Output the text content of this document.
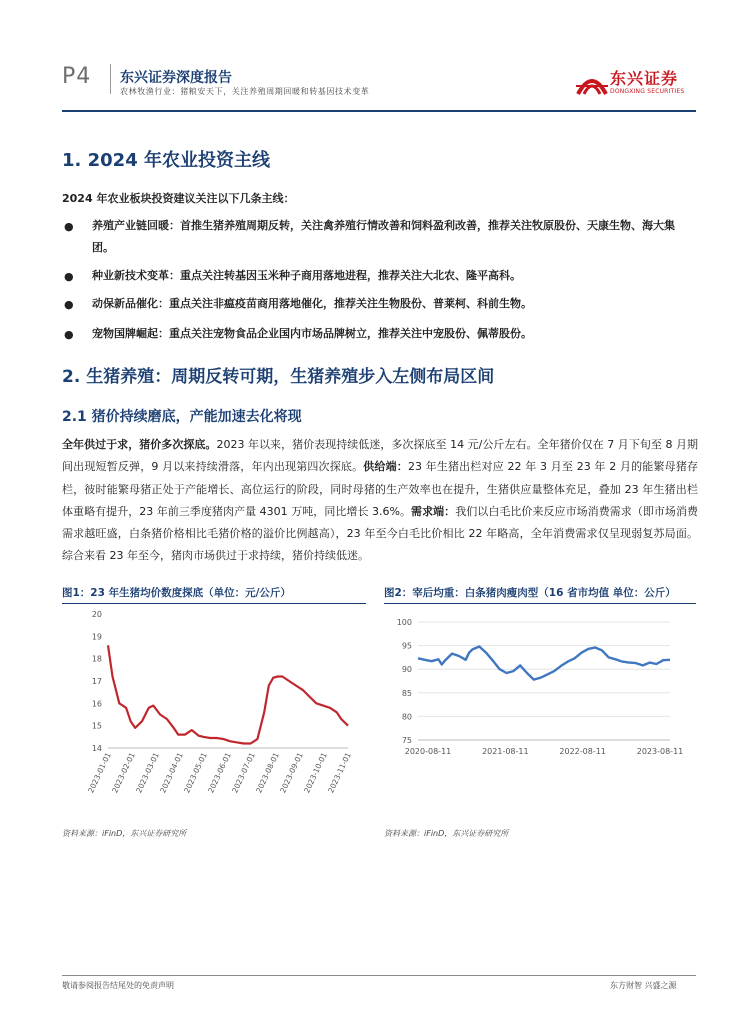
P4 东兴证券深度报告
农林牧渔行业：猪粮安天下，关注养殖周期回暖和转基因技术变革
东兴证券
DONGXING SECURITIES
1. 2024 年农业投资主线
2024 年农业板块投资建议关注以下几条主线：
● 养殖产业链回暖：首推生猪养殖周期反转，关注禽养殖行情改善和饲料盈利改善，推荐关注牧原股份、天康生物、海大集团。
● 种业新技术变革：重点关注转基因玉米种子商用落地进程，推荐关注大北农、隆平高科。
● 动保新品催化：重点关注非瘟疫苗商用落地催化，推荐关注生物股份、普莱柯、科前生物。
● 宠物国牌崛起：重点关注宠物食品企业国内市场品牌树立，推荐关注中宠股份、佩蒂股份。
2. 生猪养殖：周期反转可期，生猪养殖步入左侧布局区间
2.1 猪价持续磨底，产能加速去化将现
全年供过于求，猪价多次探底。2023 年以来，猪价表现持续低迷，多次探底至 14 元/公斤左右。全年猪价仅在 7 月下旬至 8 月期间出现短暂反弹，9 月以来持续滑落，年内出现第四次探底。供给端：23 年生猪出栏对应 22 年 3 月至 23 年 2 月的能繁母猪存栏，彼时能繁母猪正处于产能增长、高位运行的阶段，同时母猪的生产效率也在提升，生猪供应量整体充足，叠加 23 年生猪出栏体重略有提升，23 年前三季度猪肉产量 4301 万吨，同比增长 3.6%。需求端：我们以白毛比价来反应市场消费需求（即市场消费需求越旺盛，白条猪价格相比毛猪价格的溢价比例越高），23 年至今白毛比价相比 22 年略高，全年消费需求仅呈现弱复苏局面。综合来看 23 年至今，猪肉市场供过于求持续，猪价持续低迷。
图1：23 年生猪均价数度探底（单位：元/公斤）	图2：宰后均重：白条猪肉瘦肉型（16 省市均值 单位：公斤）
20
19
18
17
16
15
14
2023-01-01
2023-02-01
2023-03-01
2023-04-01
2023-05-01
2023-06-01
2023-07-01
2023-08-01
2023-09-01
2023-10-01
2023-11-01
100
95
90
85
80
75
2020-08-11	2021-08-11	2022-08-11	2023-08-11
资料来源：iFinD，东兴证券研究所	资料来源：iFinD，东兴证券研究所
敬请参阅报告结尾处的免责声明	东方财智 兴盛之源
